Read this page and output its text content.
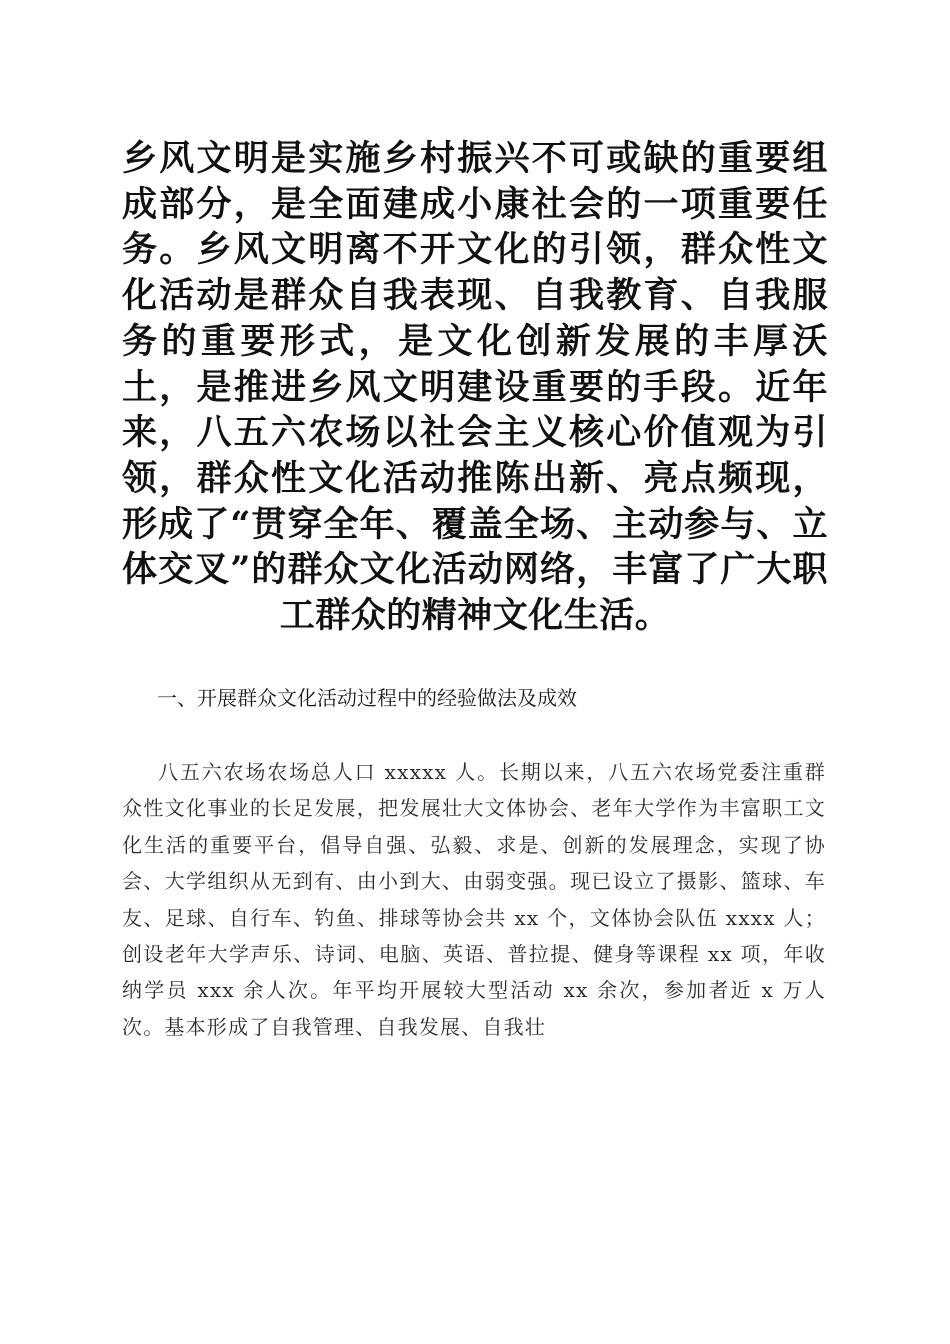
乡风文明是实施乡村振兴不可或缺的重要组成部分，是全面建成小康社会的一项重要任务。乡风文明离不开文化的引领，群众性文化活动是群众自我表现、自我教育、自我服务的重要形式，是文化创新发展的丰厚沃土，是推进乡风文明建设重要的手段。近年来，八五六农场以社会主义核心价值观为引领，群众性文化活动推陈出新、亮点频现，形成了“贯穿全年、覆盖全场、主动参与、立体交叉”的群众文化活动网络，丰富了广大职工群众的精神文化生活。

一、开展群众文化活动过程中的经验做法及成效

八五六农场农场总人口 xxxxx 人。长期以来，八五六农场党委注重群众性文化事业的长足发展，把发展壮大文体协会、老年大学作为丰富职工文化生活的重要平台，倡导自强、弘毅、求是、创新的发展理念，实现了协会、大学组织从无到有、由小到大、由弱变强。现已设立了摄影、篮球、车友、足球、自行车、钓鱼、排球等协会共 xx 个，文体协会队伍 xxxx 人；创设老年大学声乐、诗词、电脑、英语、普拉提、健身等课程 xx 项，年收纳学员 xxx 余人次。年平均开展较大型活动 xx 余次，参加者近 x 万人次。基本形成了自我管理、自我发展、自我壮
